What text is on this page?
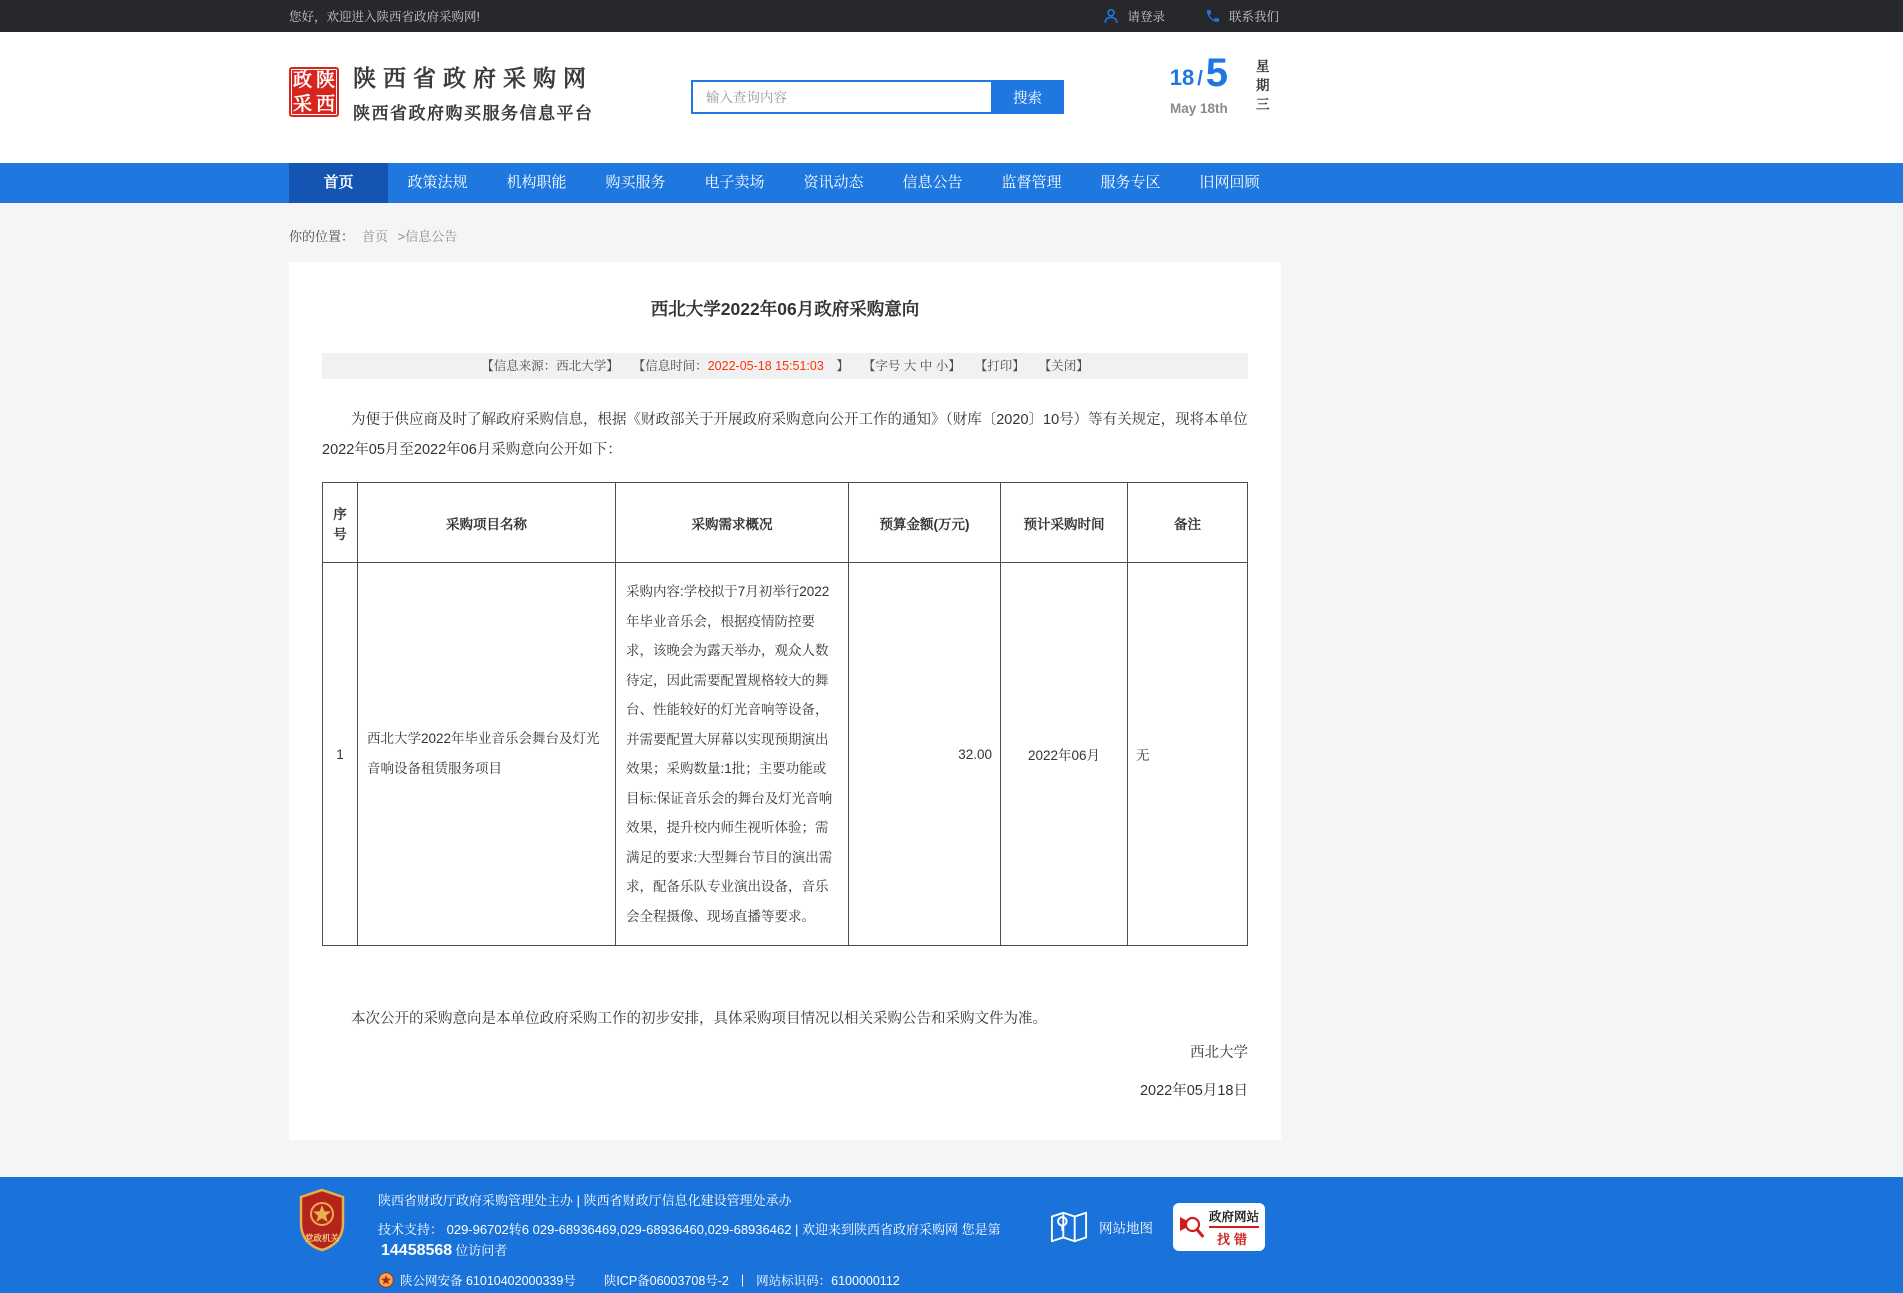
您好，欢迎进入陕西省政府采购网!	请登录	联系我们
政 陕
采 西
陕西省政府采购网
陕西省政府购买服务信息平台
输入查询内容
搜索
18 / 5
May 18th
星期三
首页	政策法规	机构职能	购买服务	电子卖场	资讯动态	信息公告	监督管理	服务专区	旧网回顾
你的位置： 首页 >信息公告
西北大学2022年06月政府采购意向
【信息来源：西北大学】 【信息时间：2022-05-18 15:51:03　 】 【字号 大 中 小】 【打印】 【关闭】

为便于供应商及时了解政府采购信息，根据《财政部关于开展政府采购意向公开工作的通知》（财库〔2020〕10号）等有关规定，现将本单位2022年05月至2022年06月采购意向公开如下：

序号	采购项目名称	采购需求概况	预算金额(万元)	预计采购时间	备注
1	西北大学2022年毕业音乐会舞台及灯光音响设备租赁服务项目	采购内容:学校拟于7月初举行2022年毕业音乐会，根据疫情防控要求，该晚会为露天举办，观众人数待定，因此需要配置规格较大的舞台、性能较好的灯光音响等设备，并需要配置大屏幕以实现预期演出效果；采购数量:1批；主要功能或目标:保证音乐会的舞台及灯光音响效果，提升校内师生视听体验；需满足的要求:大型舞台节目的演出需求，配备乐队专业演出设备，音乐会全程摄像、现场直播等要求。	32.00	2022年06月	无

本次公开的采购意向是本单位政府采购工作的初步安排，具体采购项目情况以相关采购公告和采购文件为准。

西北大学
2022年05月18日
党政机关
陕西省财政厅政府采购管理处主办 | 陕西省财政厅信息化建设管理处承办
技术支持： 029-96702转6 029-68936469,029-68936460,029-68936462 | 欢迎来到陕西省政府采购网 您是第14458568 位访问者
陕公网安备 61010402000339号 陕ICP备06003708号-2 | 网站标识码：6100000112
网站地图
政府网站
找错
